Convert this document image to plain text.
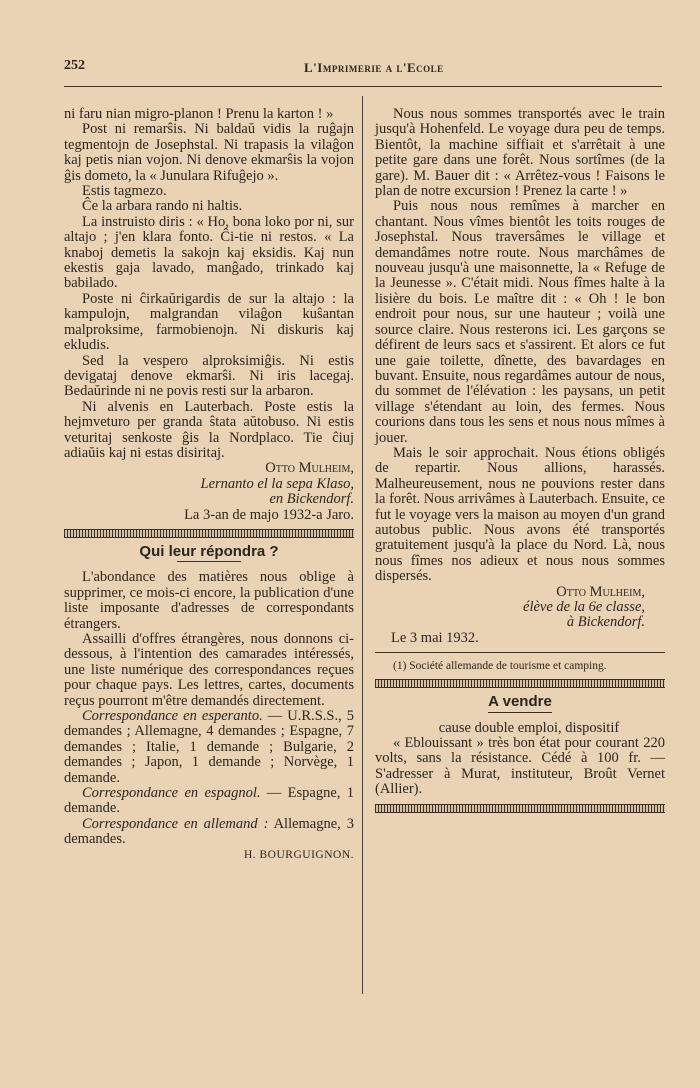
252	L'Imprimerie a l'Ecole

ni faru nian migro-planon ! Prenu la karton ! »

Post ni remarŝis. Ni baldaŭ vidis la ruĝajn tegmentojn de Josephstal. Ni trapasis la vilaĝon kaj petis nian vojon. Ni denove ekmarŝis la vojon ĝis dometo, la « Junulara Rifuĝejo ».

Estis tagmezo.

Ĉe la arbara rando ni haltis.

La instruisto diris : « Ho, bona loko por ni, sur altajo ; j'en klara fonto. Ĉi-tie ni restos. « La knaboj demetis la sakojn kaj eksidis. Kaj nun ekestis gaja lavado, manĝado, trinkado kaj babilado.

Poste ni ĉirkaŭrigardis de sur la altajo : la kampulojn, malgrandan vilaĝon kuŝantan malproksime, farmobienojn. Ni diskuris kaj ekludis.

Sed la vespero alproksimiĝis. Ni estis devigataj denove ekmarŝi. Ni iris lacegaj. Bedaŭrinde ni ne povis resti sur la arbaron.

Ni alvenis en Lauterbach. Poste estis la hejmveturo per granda ŝtata aŭtobuso. Ni estis veturitaj senkoste ĝis la Nordplaco. Tie ĉiuj adiaŭis kaj ni estas disiritaj.

Otto Mulheim,

Lernanto el la sepa Klaso,

en Bickendorf.

La 3-an de majo 1932-a Jaro.

Qui leur répondra ?

L'abondance des matières nous oblige à supprimer, ce mois-ci encore, la publication d'une liste imposante d'adresses de correspondants étrangers.

Assailli d'offres étrangères, nous donnons ci-dessous, à l'intention des camarades intéressés, une liste numérique des correspondances reçues pour chaque pays. Les lettres, cartes, documents reçus pourront m'être demandés directement.

Correspondance en esperanto. — U.R.S.S., 5 demandes ; Allemagne, 4 demandes ; Espagne, 7 demandes ; Italie, 1 demande ; Bulgarie, 2 demandes ; Japon, 1 demande ; Norvège, 1 demande.

Correspondance en espagnol. — Espagne, 1 demande.

Correspondance en allemand : Allemagne, 3 demandes.

H. BOURGUIGNON.

Nous nous sommes transportés avec le train jusqu'à Hohenfeld. Le voyage dura peu de temps. Bientôt, la machine siffiait et s'arrêtait à une petite gare dans une forêt. Nous sortîmes (de la gare). M. Bauer dit : « Arrêtez-vous ! Faisons le plan de notre excursion ! Prenez la carte ! »

Puis nous nous remîmes à marcher en chantant. Nous vîmes bientôt les toits rouges de Josephstal. Nous traversâmes le village et demandâmes notre route. Nous marchâmes de nouveau jusqu'à une maisonnette, la « Refuge de la Jeunesse ». C'était midi. Nous fîmes halte à la lisière du bois. Le maître dit : « Oh ! le bon endroit pour nous, sur une hauteur ; voilà une source claire. Nous resterons ici. Les garçons se défirent de leurs sacs et s'assirent. Et alors ce fut une gaie toilette, dînette, des bavardages en buvant. Ensuite, nous regardâmes autour de nous, du sommet de l'élévation : les paysans, un petit village s'étendant au loin, des fermes. Nous courions dans tous les sens et nous nous mîmes à jouer.

Mais le soir approchait. Nous étions obligés de repartir. Nous allions, harassés. Malheureusement, nous ne pouvions rester dans la forêt. Nous arrivâmes à Lauterbach. Ensuite, ce fut le voyage vers la maison au moyen d'un grand autobus public. Nous avons été transportés gratuitement jusqu'à la place du Nord. Là, nous nous fîmes nos adieux et nous nous sommes dispersés.

Otto Mulheim,

élève de la 6e classe,

à Bickendorf.

Le 3 mai 1932.

(1) Société allemande de tourisme et camping.

A vendre

cause double emploi, dispositif

« Eblouissant » très bon état pour courant 220 volts, sans la résistance. Cédé à 100 fr. — S'adresser à Murat, instituteur, Broût Vernet (Allier).
